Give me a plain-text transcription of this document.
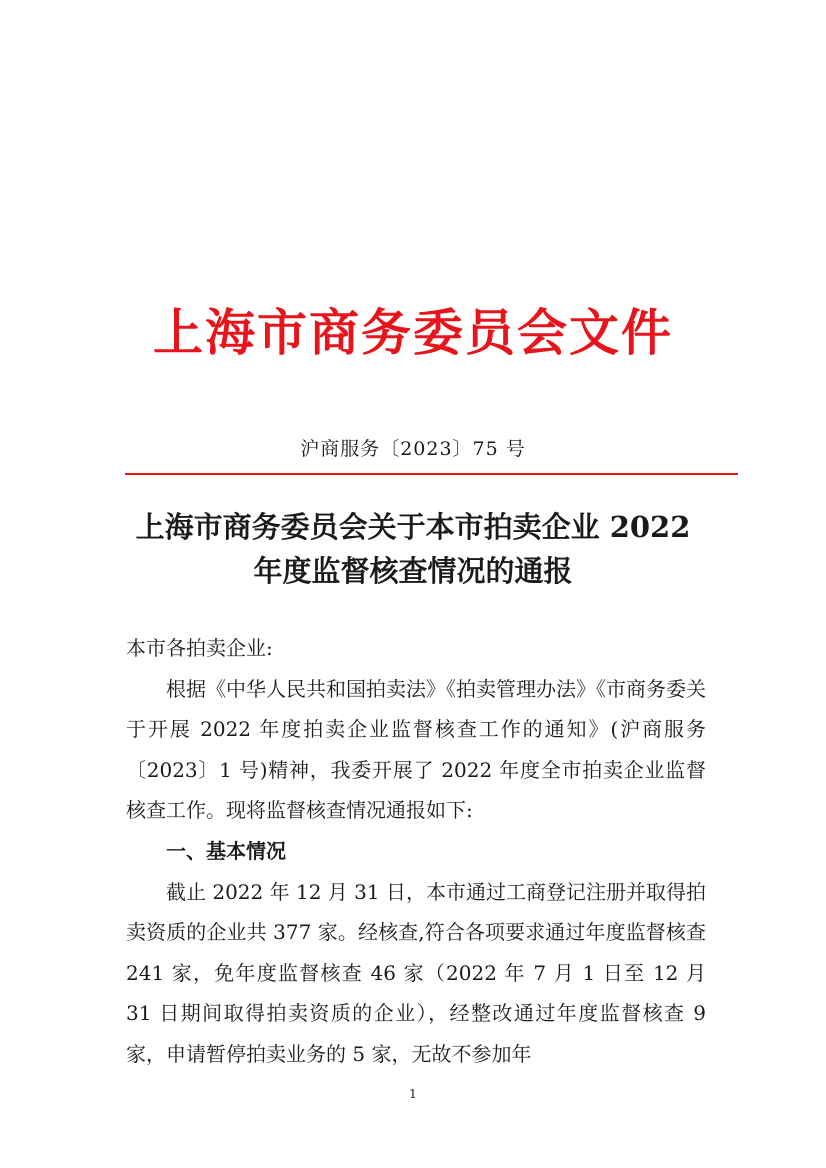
上海市商务委员会文件
沪商服务〔2023〕75 号
上海市商务委员会关于本市拍卖企业 2022
年度监督核查情况的通报

本市各拍卖企业:

根据《中华人民共和国拍卖法》《拍卖管理办法》《市商务委关于开展 2022 年度拍卖企业监督核查工作的通知》(沪商服务〔2023〕1 号)精神，我委开展了 2022 年度全市拍卖企业监督核查工作。现将监督核查情况通报如下:

一、基本情况

截止 2022 年 12 月 31 日，本市通过工商登记注册并取得拍卖资质的企业共 377 家。经核查,符合各项要求通过年度监督核查 241 家，免年度监督核查 46 家（2022 年 7 月 1 日至 12 月 31 日期间取得拍卖资质的企业），经整改通过年度监督核查 9 家，申请暂停拍卖业务的 5 家，无故不参加年

1
